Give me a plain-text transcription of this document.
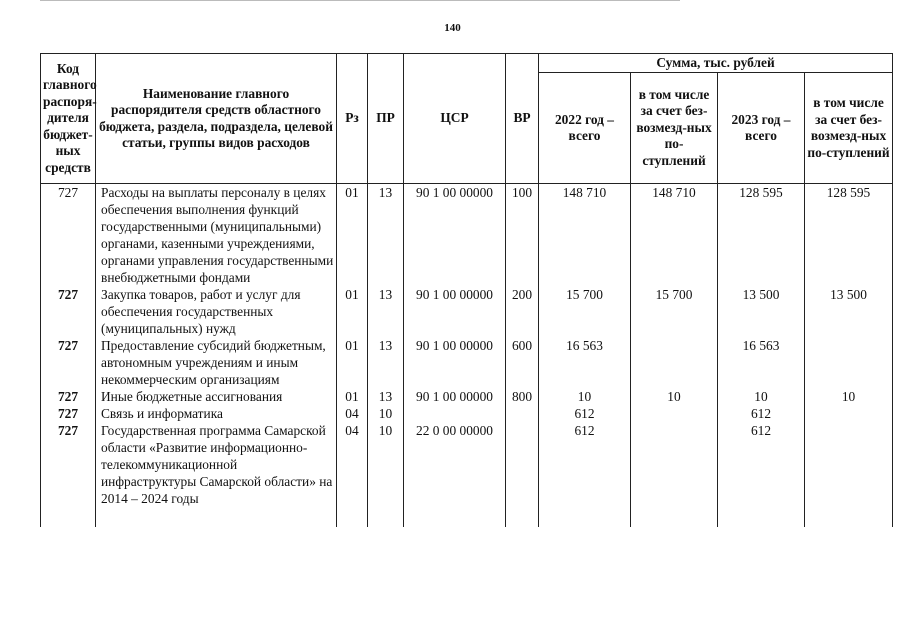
140
Код главного распоря-дителя бюджет-ных средств	Наименование главного распорядителя средств областного бюджета, раздела, подраздела, целевой статьи, группы видов расходов	Рз	ПР	ЦСР	ВР	Сумма, тыс. рублей			
						2022 год – всего	в том числе за счет без-возмезд-ных по-ступлений	2023 год – всего	в том числе за счет без-возмезд-ных по-ступлений
727	Расходы на выплаты персоналу в целях обеспечения выполнения функций государственными (муниципальными) органами, казенными учреждениями, органами управления государственными внебюджетными фондами	01	13	90 1 00 00000	100	148 710	148 710	128 595	128 595
727	Закупка товаров, работ и услуг для обеспечения государственных (муниципальных) нужд	01	13	90 1 00 00000	200	15 700	15 700	13 500	13 500
727	Предоставление субсидий бюджетным, автономным учреждениям и иным некоммерческим организациям	01	13	90 1 00 00000	600	16 563		16 563	
727	Иные бюджетные ассигнования	01	13	90 1 00 00000	800	10	10	10	10
727	Связь и информатика	04	10			612		612	
727	Государственная программа Самарской области «Развитие информационно-телекоммуникационной инфраструктуры Самарской области» на 2014 – 2024 годы	04	10	22 0 00 00000		612		612	
